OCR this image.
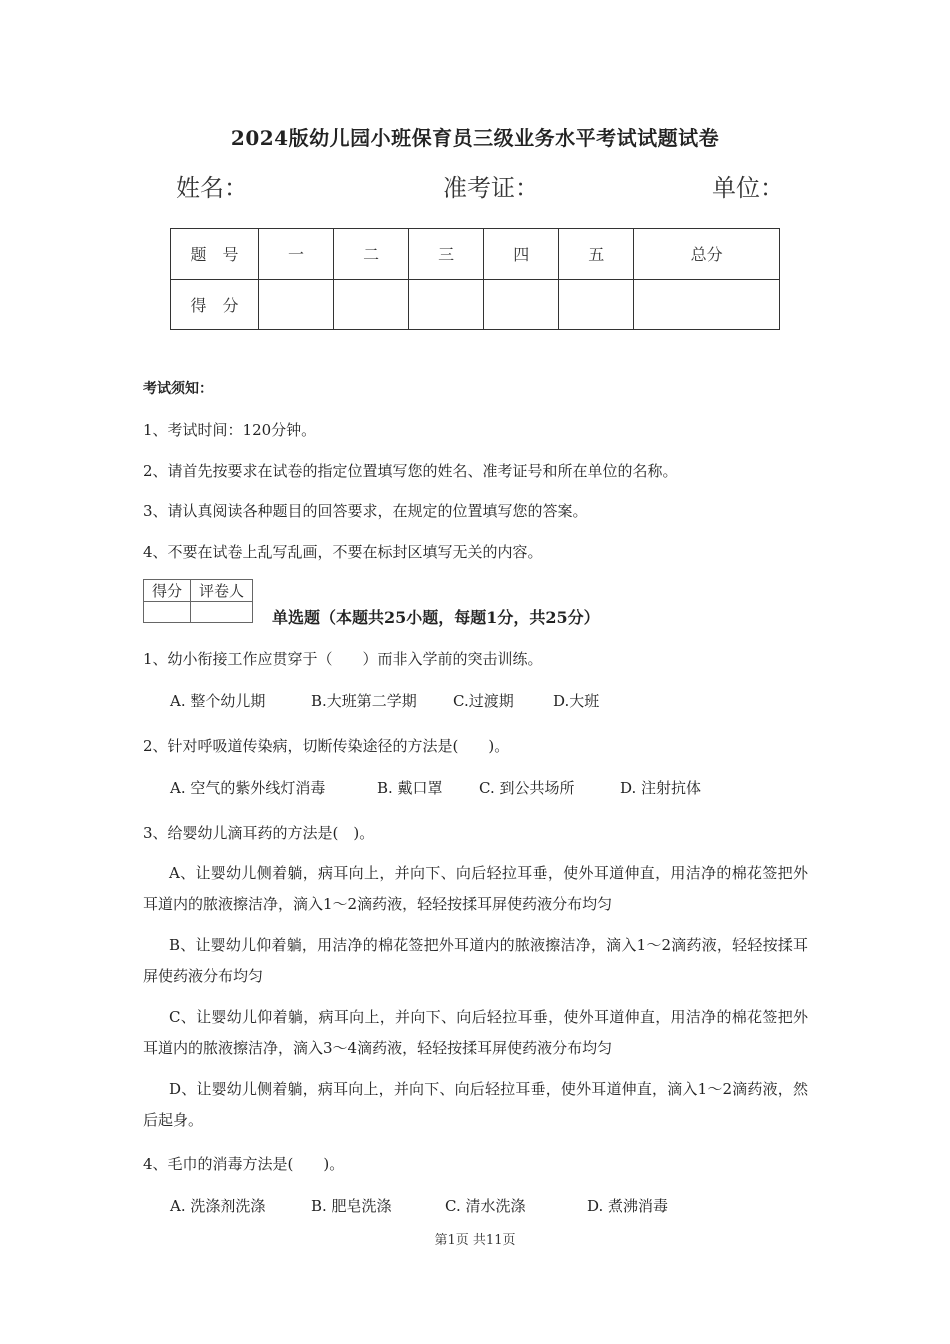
2024版幼儿园小班保育员三级业务水平考试试题试卷
姓名：	准考证：	单位：
题　号	一	二	三	四	五	总分
得　分						
考试须知：
1、考试时间：120分钟。
2、请首先按要求在试卷的指定位置填写您的姓名、准考证号和所在单位的名称。
3、请认真阅读各种题目的回答要求，在规定的位置填写您的答案。
4、不要在试卷上乱写乱画，不要在标封区填写无关的内容。
得分	评卷人

单选题（本题共25小题，每题1分，共25分）
1、幼小衔接工作应贯穿于（　　）而非入学前的突击训练。
A. 整个幼儿期	B.大班第二学期 C.过渡期	D.大班
2、针对呼吸道传染病，切断传染途径的方法是(　　)。
A. 空气的紫外线灯消毒	B. 戴口罩 C. 到公共场所	D. 注射抗体
3、给婴幼儿滴耳药的方法是(　)。
A、让婴幼儿侧着躺，病耳向上，并向下、向后轻拉耳垂，使外耳道伸直，用洁净的棉花签把外耳道内的脓液擦洁净，滴入1～2滴药液，轻轻按揉耳屏使药液分布均匀
B、让婴幼儿仰着躺，用洁净的棉花签把外耳道内的脓液擦洁净，滴入1～2滴药液，轻轻按揉耳屏使药液分布均匀
C、让婴幼儿仰着躺，病耳向上，并向下、向后轻拉耳垂，使外耳道伸直，用洁净的棉花签把外耳道内的脓液擦洁净，滴入3～4滴药液，轻轻按揉耳屏使药液分布均匀
D、让婴幼儿侧着躺，病耳向上，并向下、向后轻拉耳垂，使外耳道伸直，滴入1～2滴药液，然后起身。
4、毛巾的消毒方法是(　　)。
A. 洗涤剂洗涤	B. 肥皂洗涤	C. 清水洗涤	D. 煮沸消毒
第1页 共11页
